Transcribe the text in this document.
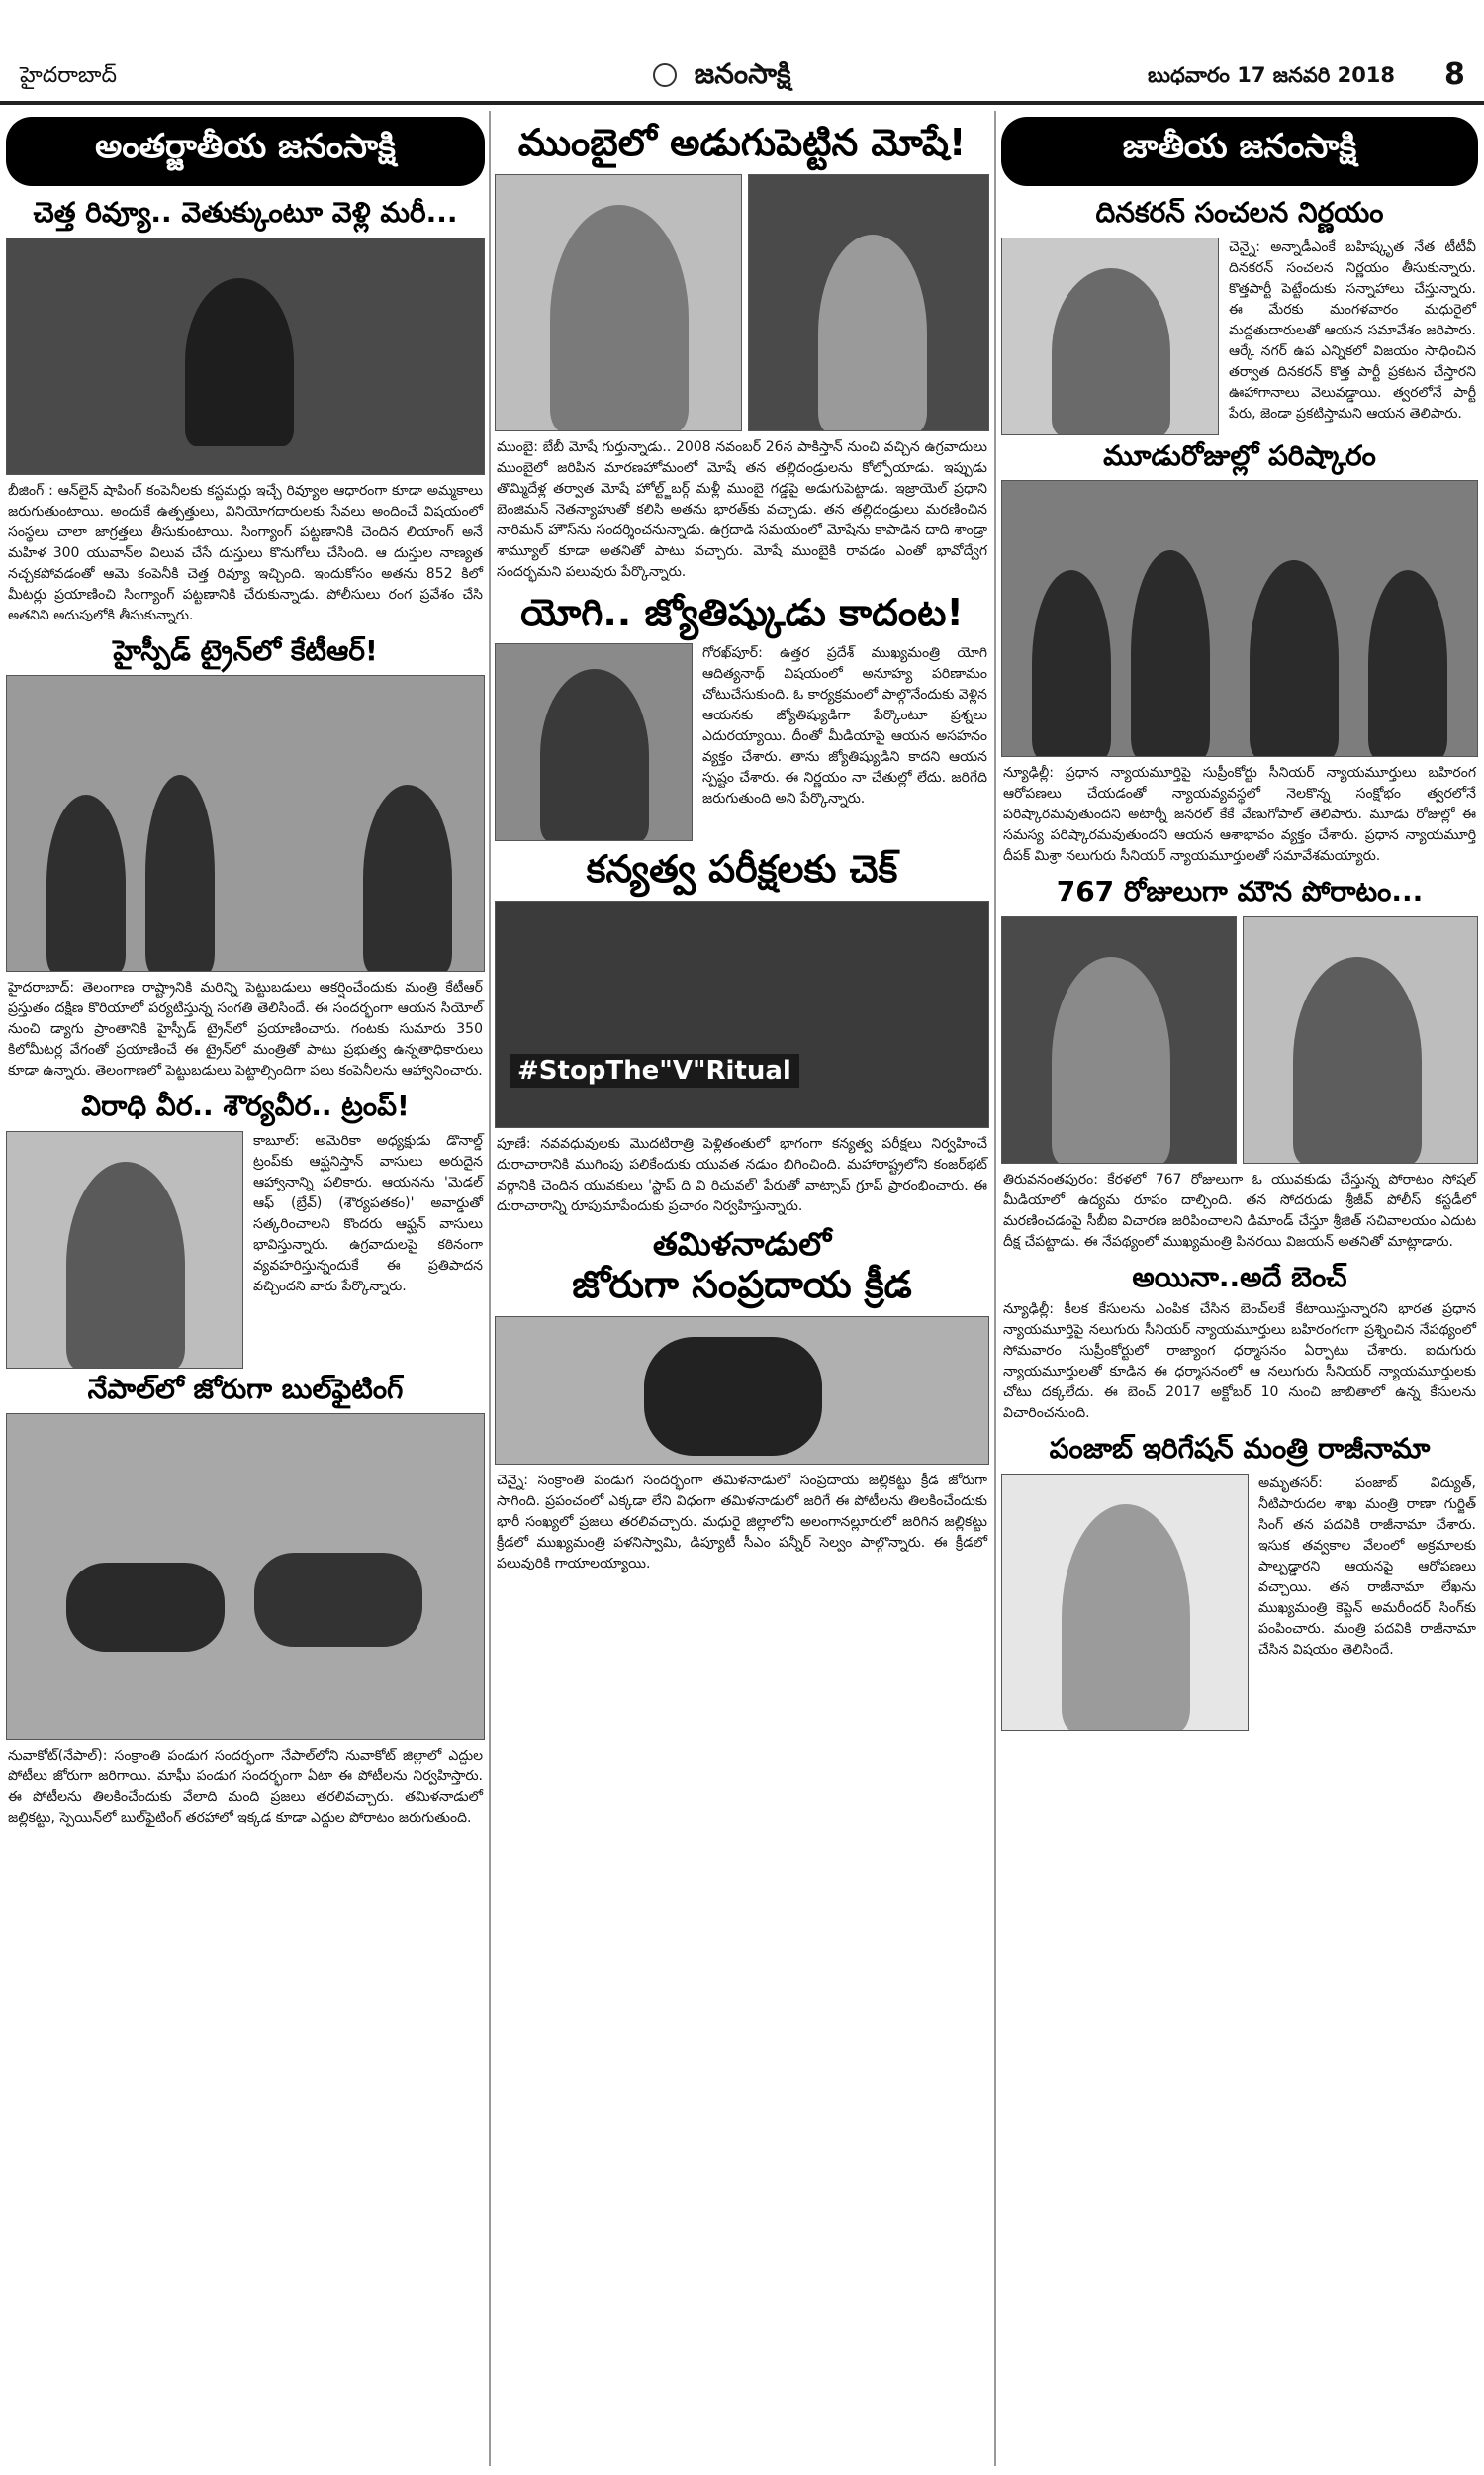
హైదరాబాద్	జనంసాక్షి	బుధవారం 17 జనవరి 2018 8
అంతర్జాతీయ జనంసాక్షి
చెత్త రివ్యూ.. వెతుక్కుంటూ వెళ్లి మరీ...

బీజింగ్‌ : ఆన్‌లైన్‌ షాపింగ్‌ కంపెనీలకు కస్టమర్లు ఇచ్చే రివ్యూల ఆధారంగా కూడా అమ్మకాలు జరుగుతుంటాయి. అందుకే ఉత్పత్తులు, వినియోగదారులకు సేవలు అందించే విషయంలో సంస్థలు చాలా జాగ్రత్తలు తీసుకుంటాయి. సింగ్యాంగ్‌ పట్టణానికి చెందిన లియాంగ్‌ అనే మహిళ 300 యువాన్‌ల విలువ చేసే దుస్తులు కొనుగోలు చేసింది. ఆ దుస్తుల నాణ్యత నచ్చకపోవడంతో ఆమె కంపెనీకి చెత్త రివ్యూ ఇచ్చింది. ఇందుకోసం అతను 852 కిలో మీటర్లు ప్రయాణించి సింగ్యాంగ్‌ పట్టణానికి చేరుకున్నాడు. పోలీసులు రంగ ప్రవేశం చేసి అతనిని అదుపులోకి తీసుకున్నారు.

హైస్పీడ్‌ ట్రైన్‌లో కేటీఆర్‌!

హైదరాబాద్‌: తెలంగాణ రాష్ట్రానికి మరిన్ని పెట్టుబడులు ఆకర్షించేందుకు మంత్రి కేటీఆర్‌ ప్రస్తుతం దక్షిణ కొరియాలో పర్యటిస్తున్న సంగతి తెలిసిందే. ఈ సందర్భంగా ఆయన సియోల్‌ నుంచి డ్యాగు ప్రాంతానికి హైస్పీడ్‌ ట్రైన్‌లో ప్రయాణించారు. గంటకు సుమారు 350 కిలోమీటర్ల వేగంతో ప్రయాణించే ఈ ట్రైన్‌లో మంత్రితో పాటు ప్రభుత్వ ఉన్నతాధికారులు కూడా ఉన్నారు. తెలంగాణలో పెట్టుబడులు పెట్టాల్సిందిగా పలు కంపెనీలను ఆహ్వానించారు.

విరాధి వీర.. శౌర్యవీర.. ట్రంప్‌!

కాబూల్‌: అమెరికా అధ్యక్షుడు డొనాల్డ్‌ ట్రంప్‌కు ఆఫ్ఘనిస్తాన్‌ వాసులు అరుదైన ఆహ్వానాన్ని పలికారు. ఆయనను 'మెడల్‌ ఆఫ్‌ (బ్రేవ్‌) (శౌర్యపతకం)' అవార్డుతో సత్కరించాలని కొందరు ఆఫ్ఘన్‌ వాసులు భావిస్తున్నారు. ఉగ్రవాదులపై కఠినంగా వ్యవహరిస్తున్నందుకే ఈ ప్రతిపాదన వచ్చిందని వారు పేర్కొన్నారు.

నేపాల్‌లో జోరుగా బుల్‌ఫైటింగ్‌

నువాకోట్‌(నేపాల్‌): సంక్రాంతి పండుగ సందర్భంగా నేపాల్‌లోని నువాకోట్‌ జిల్లాలో ఎద్దుల పోటీలు జోరుగా జరిగాయి. మాఘీ పండుగ సందర్భంగా ఏటా ఈ పోటీలను నిర్వహిస్తారు. ఈ పోటీలను తిలకించేందుకు వేలాది మంది ప్రజలు తరలివచ్చారు. తమిళనాడులో జల్లికట్టు, స్పెయిన్‌లో బుల్‌ఫైటింగ్‌ తరహాలో ఇక్కడ కూడా ఎద్దుల పోరాటం జరుగుతుంది.

ముంబైలో అడుగుపెట్టిన మోషే!

ముంబై: బేబీ మోషే గుర్తున్నాడు.. 2008 నవంబర్‌ 26న పాకిస్తాన్‌ నుంచి వచ్చిన ఉగ్రవాదులు ముంబైలో జరిపిన మారణహోమంలో మోషే తన తల్లిదండ్రులను కోల్పోయాడు. ఇప్పుడు తొమ్మిదేళ్ల తర్వాత మోషే హోల్ట్జ్‌బర్గ్‌ మళ్లీ ముంబై గడ్డపై అడుగుపెట్టాడు. ఇజ్రాయెల్‌ ప్రధాని బెంజిమన్‌ నెతన్యాహుతో కలిసి అతను భారత్‌కు వచ్చాడు. తన తల్లిదండ్రులు మరణించిన నారిమన్‌ హౌస్‌ను సందర్శించనున్నాడు. ఉగ్రదాడి సమయంలో మోషేను కాపాడిన దాది శాండ్రా శామ్యూల్‌ కూడా అతనితో పాటు వచ్చారు. మోషే ముంబైకి రావడం ఎంతో భావోద్వేగ సందర్భమని పలువురు పేర్కొన్నారు.

యోగి.. జ్యోతిష్కుడు కాదంట!

గోరఖ్‌పూర్‌: ఉత్తర ప్రదేశ్‌ ముఖ్యమంత్రి యోగి ఆదిత్యనాథ్‌ విషయంలో అనూహ్య పరిణామం చోటుచేసుకుంది. ఓ కార్యక్రమంలో పాల్గొనేందుకు వెళ్లిన ఆయనకు జ్యోతిష్యుడిగా పేర్కొంటూ ప్రశ్నలు ఎదురయ్యాయి. దీంతో మీడియాపై ఆయన అసహనం వ్యక్తం చేశారు. తాను జ్యోతిష్యుడిని కాదని ఆయన స్పష్టం చేశారు. ఈ నిర్ణయం నా చేతుల్లో లేదు. జరిగేది జరుగుతుంది అని పేర్కొన్నారు.

కన్యత్వ పరీక్షలకు చెక్‌
#StopThe"V"Ritual

పూణే: నవవధువులకు మొదటిరాత్రి పెళ్లితంతులో భాగంగా కన్యత్వ పరీక్షలు నిర్వహించే దురాచారానికి ముగింపు పలికేందుకు యువత నడుం బిగించింది. మహారాష్ట్రలోని కంజర్‌భట్‌ వర్గానికి చెందిన యువకులు 'స్టాప్‌ ది వి రిచువల్‌' పేరుతో వాట్సాప్‌ గ్రూప్‌ ప్రారంభించారు. ఈ దురాచారాన్ని రూపుమాపేందుకు ప్రచారం నిర్వహిస్తున్నారు.

తమిళనాడులో
జోరుగా సంప్రదాయ క్రీడ

చెన్నై: సంక్రాంతి పండుగ సందర్భంగా తమిళనాడులో సంప్రదాయ జల్లికట్టు క్రీడ జోరుగా సాగింది. ప్రపంచంలో ఎక్కడా లేని విధంగా తమిళనాడులో జరిగే ఈ పోటీలను తిలకించేందుకు భారీ సంఖ్యలో ప్రజలు తరలివచ్చారు. మధురై జిల్లాలోని అలంగానల్లూరులో జరిగిన జల్లికట్టు క్రీడలో ముఖ్యమంత్రి పళనిస్వామి, డిప్యూటీ సీఎం పన్నీర్‌ సెల్వం పాల్గొన్నారు. ఈ క్రీడలో పలువురికి గాయాలయ్యాయి.

జాతీయ జనంసాక్షి
దినకరన్‌ సంచలన నిర్ణయం

చెన్నై: అన్నాడీఎంకే బహిష్కృత నేత టీటీవీ దినకరన్‌ సంచలన నిర్ణయం తీసుకున్నారు. కొత్తపార్టీ పెట్టేందుకు సన్నాహాలు చేస్తున్నారు. ఈ మేరకు మంగళవారం మధురైలో మద్దతుదారులతో ఆయన సమావేశం జరిపారు. ఆర్కే నగర్‌ ఉప ఎన్నికలో విజయం సాధించిన తర్వాత దినకరన్‌ కొత్త పార్టీ ప్రకటన చేస్తారని ఊహాగానాలు వెలువడ్డాయి. త్వరలోనే పార్టీ పేరు, జెండా ప్రకటిస్తామని ఆయన తెలిపారు.

మూడురోజుల్లో పరిష్కారం

న్యూఢిల్లీ: ప్రధాన న్యాయమూర్తిపై సుప్రీంకోర్టు సీనియర్‌ న్యాయమూర్తులు బహిరంగ ఆరోపణలు చేయడంతో న్యాయవ్యవస్థలో నెలకొన్న సంక్షోభం త్వరలోనే పరిష్కారమవుతుందని అటార్నీ జనరల్‌ కేకే వేణుగోపాల్‌ తెలిపారు. మూడు రోజుల్లో ఈ సమస్య పరిష్కారమవుతుందని ఆయన ఆశాభావం వ్యక్తం చేశారు. ప్రధాన న్యాయమూర్తి దీపక్‌ మిశ్రా నలుగురు సీనియర్‌ న్యాయమూర్తులతో సమావేశమయ్యారు.

767 రోజులుగా మౌన పోరాటం...

తిరువనంతపురం: కేరళలో 767 రోజులుగా ఓ యువకుడు చేస్తున్న పోరాటం సోషల్‌ మీడియాలో ఉద్యమ రూపం దాల్చింది. తన సోదరుడు శ్రీజీవ్‌ పోలీస్‌ కస్టడీలో మరణించడంపై సీబీఐ విచారణ జరిపించాలని డిమాండ్‌ చేస్తూ శ్రీజిత్‌ సచివాలయం ఎదుట దీక్ష చేపట్టాడు. ఈ నేపథ్యంలో ముఖ్యమంత్రి పినరయి విజయన్‌ అతనితో మాట్లాడారు.

అయినా..అదే బెంచ్‌

న్యూఢిల్లీ: కీలక కేసులను ఎంపిక చేసిన బెంచ్‌లకే కేటాయిస్తున్నారని భారత ప్రధాన న్యాయమూర్తిపై నలుగురు సీనియర్‌ న్యాయమూర్తులు బహిరంగంగా ప్రశ్నించిన నేపథ్యంలో సోమవారం సుప్రీంకోర్టులో రాజ్యాంగ ధర్మాసనం ఏర్పాటు చేశారు. ఐదుగురు న్యాయమూర్తులతో కూడిన ఈ ధర్మాసనంలో ఆ నలుగురు సీనియర్‌ న్యాయమూర్తులకు చోటు దక్కలేదు. ఈ బెంచ్‌ 2017 అక్టోబర్‌ 10 నుంచి జాబితాలో ఉన్న కేసులను విచారించనుంది.

పంజాబ్‌ ఇరిగేషన్‌ మంత్రి రాజీనామా

అమృతసర్‌: పంజాబ్‌ విద్యుత్‌, నీటిపారుదల శాఖ మంత్రి రాణా గుర్జిత్‌ సింగ్‌ తన పదవికి రాజీనామా చేశారు. ఇసుక తవ్వకాల వేలంలో అక్రమాలకు పాల్పడ్డారని ఆయనపై ఆరోపణలు వచ్చాయి. తన రాజీనామా లేఖను ముఖ్యమంత్రి కెప్టెన్‌ అమరీందర్‌ సింగ్‌కు పంపించారు. మంత్రి పదవికి రాజీనామా చేసిన విషయం తెలిసిందే.
